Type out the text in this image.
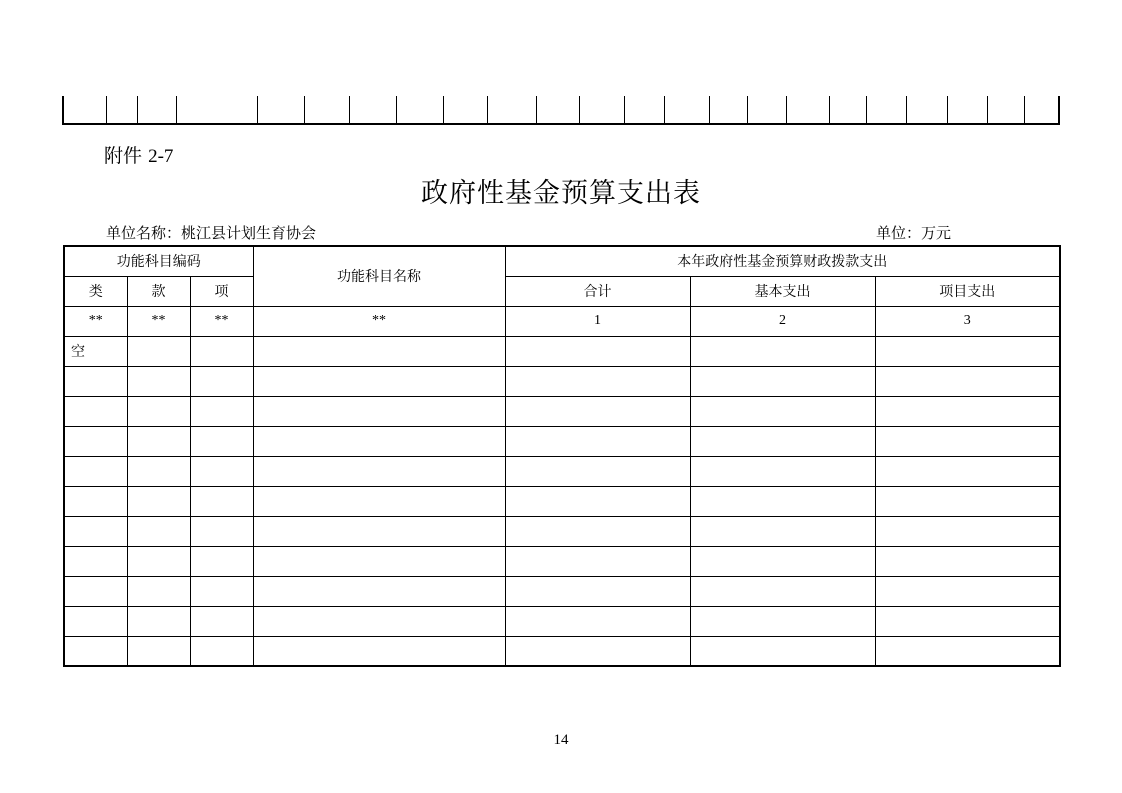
附件 2-7
政府性基金预算支出表
单位名称：桃江县计划生育协会	单位：万元
功能科目编码			功能科目名称	本年政府性基金预算财政拨款支出		
类	款	项		合计	基本支出	项目支出
**	**	**	**	1	2	3
空						

14
